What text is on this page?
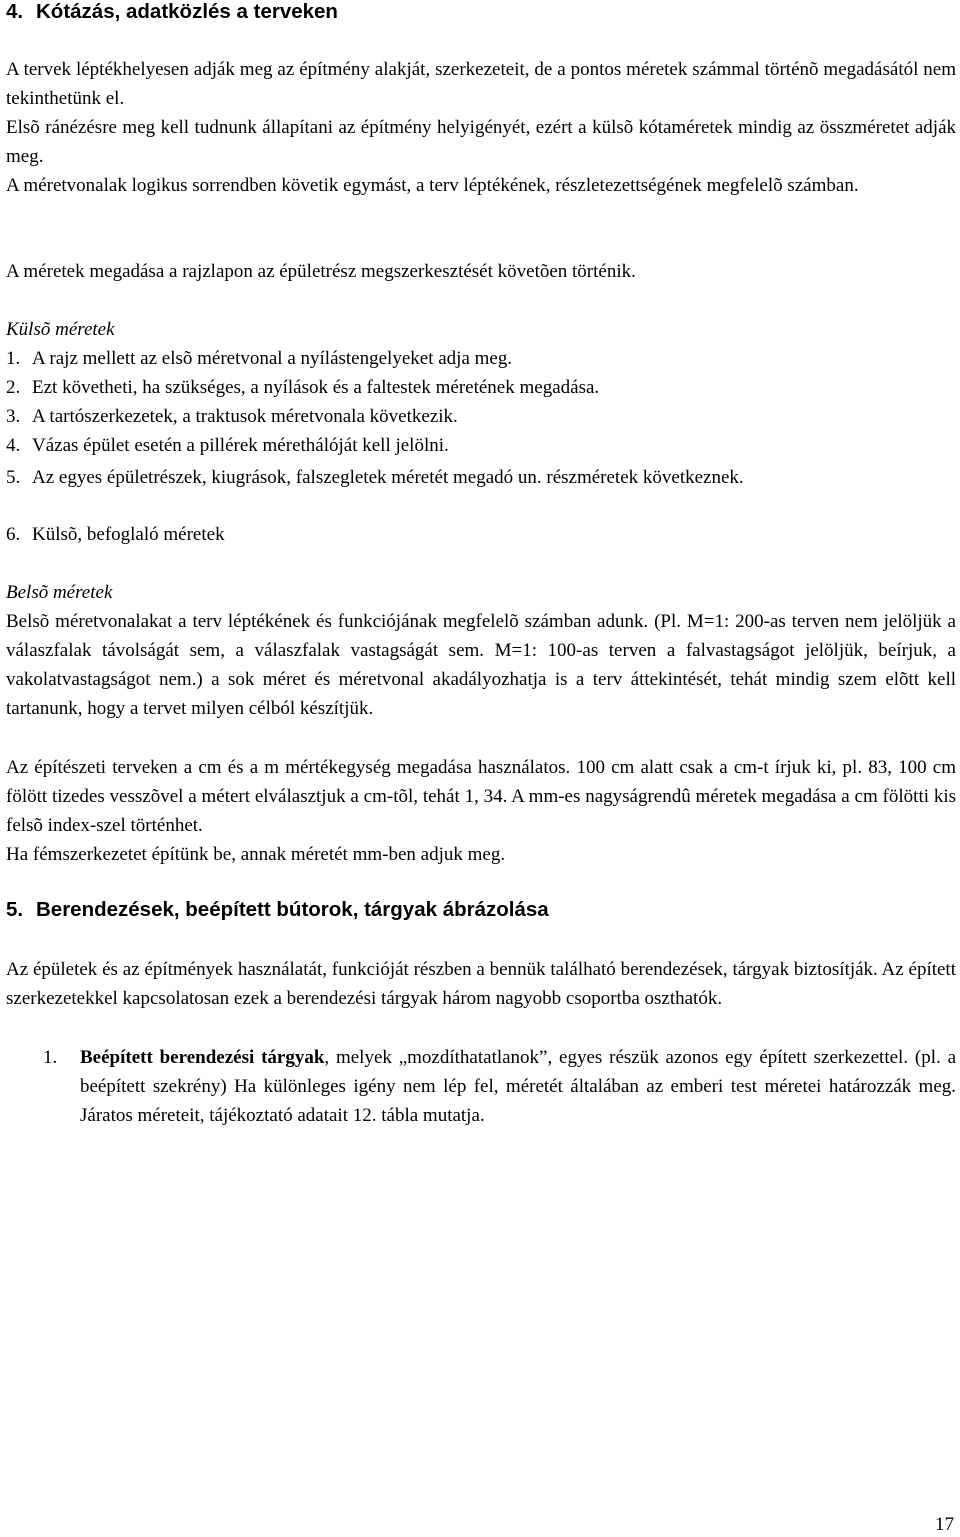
4. Kótázás, adatközlés a terveken

A tervek léptékhelyesen adják meg az építmény alakját, szerkezeteit, de a pontos méretek számmal történõ megadásától nem tekinthetünk el.

Elsõ ránézésre meg kell tudnunk állapítani az építmény helyigényét, ezért a külsõ kótaméretek mindig az összméretet adják meg.

A méretvonalak logikus sorrendben követik egymást, a terv léptékének, részletezettségének megfelelõ számban.

A méretek megadása a rajzlapon az épületrész megszerkesztését követõen történik.

Külsõ méretek

1. A rajz mellett az elsõ méretvonal a nyílástengelyeket adja meg.
2. Ezt követheti, ha szükséges, a nyílások és a faltestek méretének megadása.
3. A tartószerkezetek, a traktusok méretvonala következik.
4. Vázas épület esetén a pillérek mérethálóját kell jelölni.
5. Az egyes épületrészek, kiugrások, falszegletek méretét megadó un. részméretek következnek.
6. Külsõ, befoglaló méretek

Belsõ méretek

Belsõ méretvonalakat a terv léptékének és funkciójának megfelelõ számban adunk. (Pl. M=1: 200-as terven nem jelöljük a válaszfalak távolságát sem, a válaszfalak vastagságát sem. M=1: 100-as terven a falvastagságot jelöljük, beírjuk, a vakolatvastagságot nem.) a sok méret és méretvonal akadályozhatja is a terv áttekintését, tehát mindig szem elõtt kell tartanunk, hogy a tervet milyen célból készítjük.

Az építészeti terveken a cm és a m mértékegység megadása használatos. 100 cm alatt csak a cm-t írjuk ki, pl. 83, 100 cm fölött tizedes vesszõvel a métert elválasztjuk a cm-tõl, tehát 1, 34. A mm-es nagyságrendû méretek megadása a cm fölötti kis felsõ index-szel történhet.

Ha fémszerkezetet építünk be, annak méretét mm-ben adjuk meg.

5. Berendezések, beépített bútorok, tárgyak ábrázolása

Az épületek és az építmények használatát, funkcióját részben a bennük található berendezések, tárgyak biztosítják. Az épített szerkezetekkel kapcsolatosan ezek a berendezési tárgyak három nagyobb csoportba oszthatók.

1. Beépített berendezési tárgyak, melyek „mozdíthatatlanok”, egyes részük azonos egy épített szerkezettel. (pl. a beépített szekrény) Ha különleges igény nem lép fel, méretét általában az emberi test méretei határozzák meg. Járatos méreteit, tájékoztató adatait 12. tábla mutatja.
17
